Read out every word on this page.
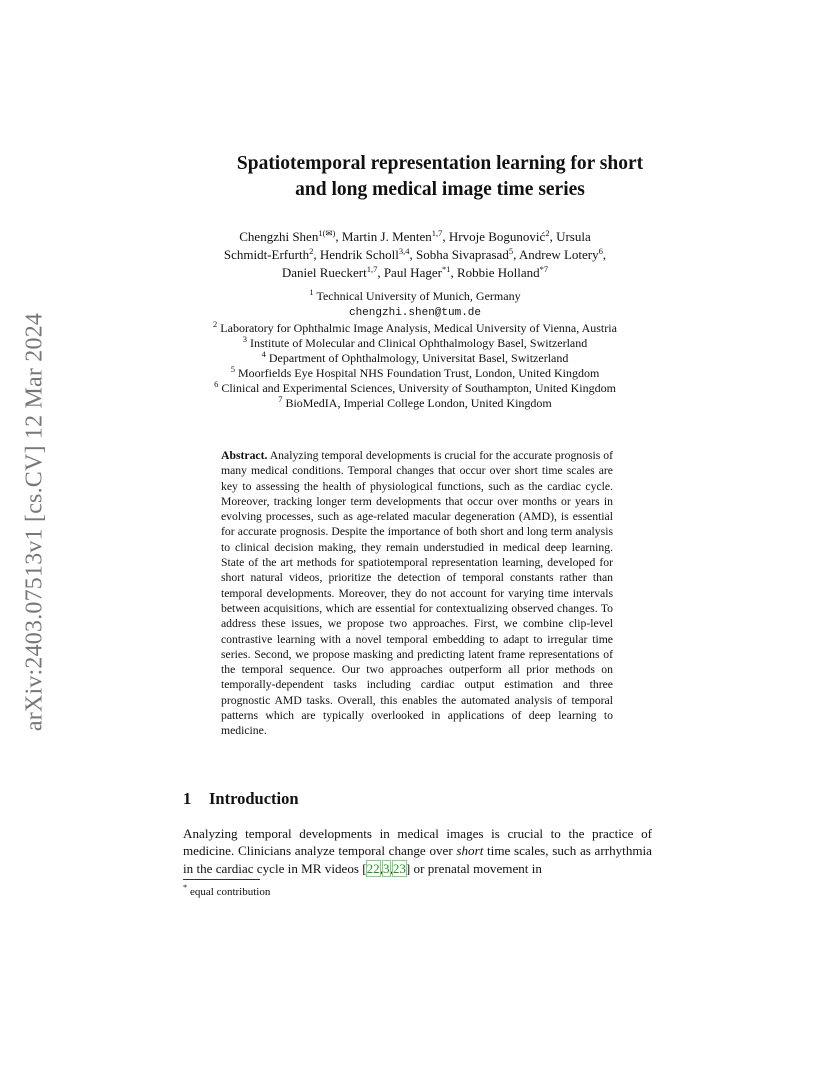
arXiv:2403.07513v1 [cs.CV] 12 Mar 2024
Spatiotemporal representation learning for short
and long medical image time series
Chengzhi Shen$^{1(✉)}$, Martin J. Menten$^{1,7}$, Hrvoje Bogunović$^2$, Ursula
Schmidt-Erfurth$^2$, Hendrik Scholl$^{3,4}$, Sobha Sivaprasad$^5$, Andrew Lotery$^6$,
Daniel Rueckert$^{1,7}$, Paul Hager$^{*1}$, Robbie Holland$^{*7}$
$^1$ Technical University of Munich, Germany
chengzhi.shen@tum.de
$^2$ Laboratory for Ophthalmic Image Analysis, Medical University of Vienna, Austria
$^3$ Institute of Molecular and Clinical Ophthalmology Basel, Switzerland
$^4$ Department of Ophthalmology, Universitat Basel, Switzerland
$^5$ Moorfields Eye Hospital NHS Foundation Trust, London, United Kingdom
$^6$ Clinical and Experimental Sciences, University of Southampton, United Kingdom
$^7$ BioMedIA, Imperial College London, United Kingdom
Abstract. Analyzing temporal developments is crucial for the accurate prognosis of many medical conditions. Temporal changes that occur over short time scales are key to assessing the health of physiological functions, such as the cardiac cycle. Moreover, tracking longer term developments that occur over months or years in evolving processes, such as age-related macular degeneration (AMD), is essential for accurate prognosis. Despite the importance of both short and long term analysis to clinical decision making, they remain understudied in medical deep learning. State of the art methods for spatiotemporal representation learning, developed for short natural videos, prioritize the detection of temporal constants rather than temporal developments. Moreover, they do not account for varying time intervals between acquisitions, which are essential for contextualizing observed changes. To address these issues, we propose two approaches. First, we combine clip-level contrastive learning with a novel temporal embedding to adapt to irregular time series. Second, we propose masking and predicting latent frame representations of the temporal sequence. Our two approaches outperform all prior methods on temporally-dependent tasks including cardiac output estimation and three prognostic AMD tasks. Overall, this enables the automated analysis of temporal patterns which are typically overlooked in applications of deep learning to medicine.
1 Introduction
Analyzing temporal developments in medical images is crucial to the practice of medicine. Clinicians analyze temporal change over short time scales, such as arrhythmia in the cardiac cycle in MR videos [22,3,23] or prenatal movement in
* equal contribution
